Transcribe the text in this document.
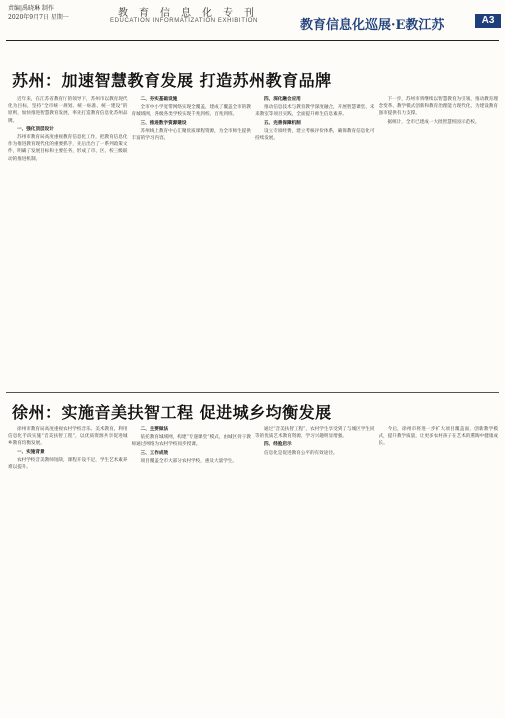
责编|禹晓琳 制作
2020年9月7日 星期一	教育信息化专刊
EDUCATION INFORMATIZATION EXHIBITION	教育信息化巡展·E教江苏	A3
苏州：加速智慧教育发展 打造苏州教育品牌

近年来，在江苏省教育厅的领导下，苏州市以教育现代化为目标，坚持“全市统一规划、统一标准、统一建设”的原则，加快推进智慧教育发展，率先打造教育信息化苏州品牌。

一、强化顶层设计

苏州市教育局高度重视教育信息化工作，把教育信息化作为推进教育现代化的重要抓手，先后出台了一系列政策文件，明确了发展目标和主要任务，形成了市、区、校三级联动的推进机制。

二、夯实基础设施

全市中小学宽带网络实现全覆盖，建成了覆盖全市的教育城域网，各级各类学校实现千兆到校、百兆到班。

三、推进数字资源建设

苏州线上教育中心汇聚优质课程资源，为全市师生提供丰富的学习内容。

四、深化融合应用

推动信息技术与教育教学深度融合，开展智慧课堂、未来教室等项目实践，全面提升师生信息素养。

五、完善保障机制

设立专项经费，建立考核评价体系，确保教育信息化可持续发展。

下一步，苏州市将继续以智慧教育为引领，推动教育理念变革、教学模式创新和教育治理能力现代化，为建设教育强市提供有力支撑。

据统计，全市已建成一大批智慧校园示范校。

徐州：实施音美扶智工程 促进城乡均衡发展

徐州市教育局高度重视农村学校音乐、美术教育，利用信息化手段实施“音美扶智工程”，以优质资源共享促进城乡教育均衡发展。

一、实施背景

农村学校音美教师短缺，课程开设不足，学生艺术素养难以提升。

二、主要做法

依托教育城域网，构建“专递课堂”模式，由城区骨干教师通过网络为农村学校同步授课。

三、工作成效

项目覆盖全市大部分农村学校，惠及大量学生。

通过“音美扶智工程”，农村学生享受到了与城区学生同等的优质艺术教育资源，学习兴趣明显增强。

四、经验启示

信息化是促进教育公平的有效途径。

今后，徐州市将进一步扩大项目覆盖面，创新教学模式，提升教学质量，让更多农村孩子在艺术的熏陶中健康成长。
